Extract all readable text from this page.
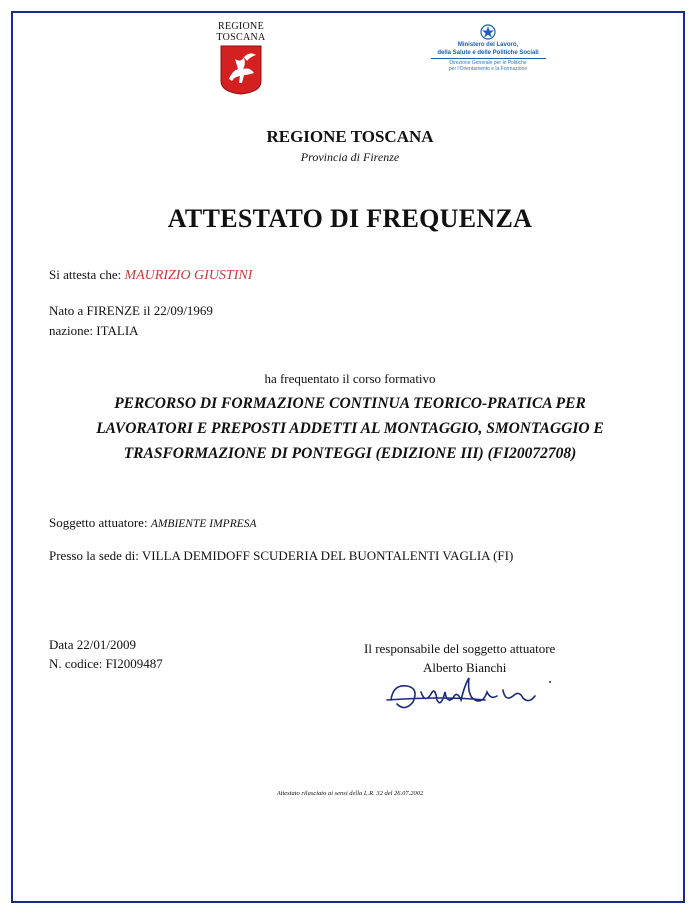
REGIONE TOSCANA
Ministero del Lavoro,
della Salute e delle Politiche Sociali
Direzione Generale per le Politiche
per l'Orientamento e la Formazione
REGIONE TOSCANA
Provincia di Firenze
ATTESTATO DI FREQUENZA
Si attesta che: MAURIZIO GIUSTINI
Nato a FIRENZE il 22/09/1969
nazione: ITALIA
ha frequentato il corso formativo
PERCORSO DI FORMAZIONE CONTINUA TEORICO-PRATICA PER
LAVORATORI E PREPOSTI ADDETTI AL MONTAGGIO, SMONTAGGIO E
TRASFORMAZIONE DI PONTEGGI (EDIZIONE III) (FI20072708)
Soggetto attuatore: AMBIENTE IMPRESA
Presso la sede di: VILLA DEMIDOFF SCUDERIA DEL BUONTALENTI VAGLIA (FI)
Data 22/01/2009
N. codice: FI2009487
Il responsabile del soggetto attuatore
Alberto Bianchi
Attestato rilasciato ai sensi della L.R. 32 del 26.07.2002
